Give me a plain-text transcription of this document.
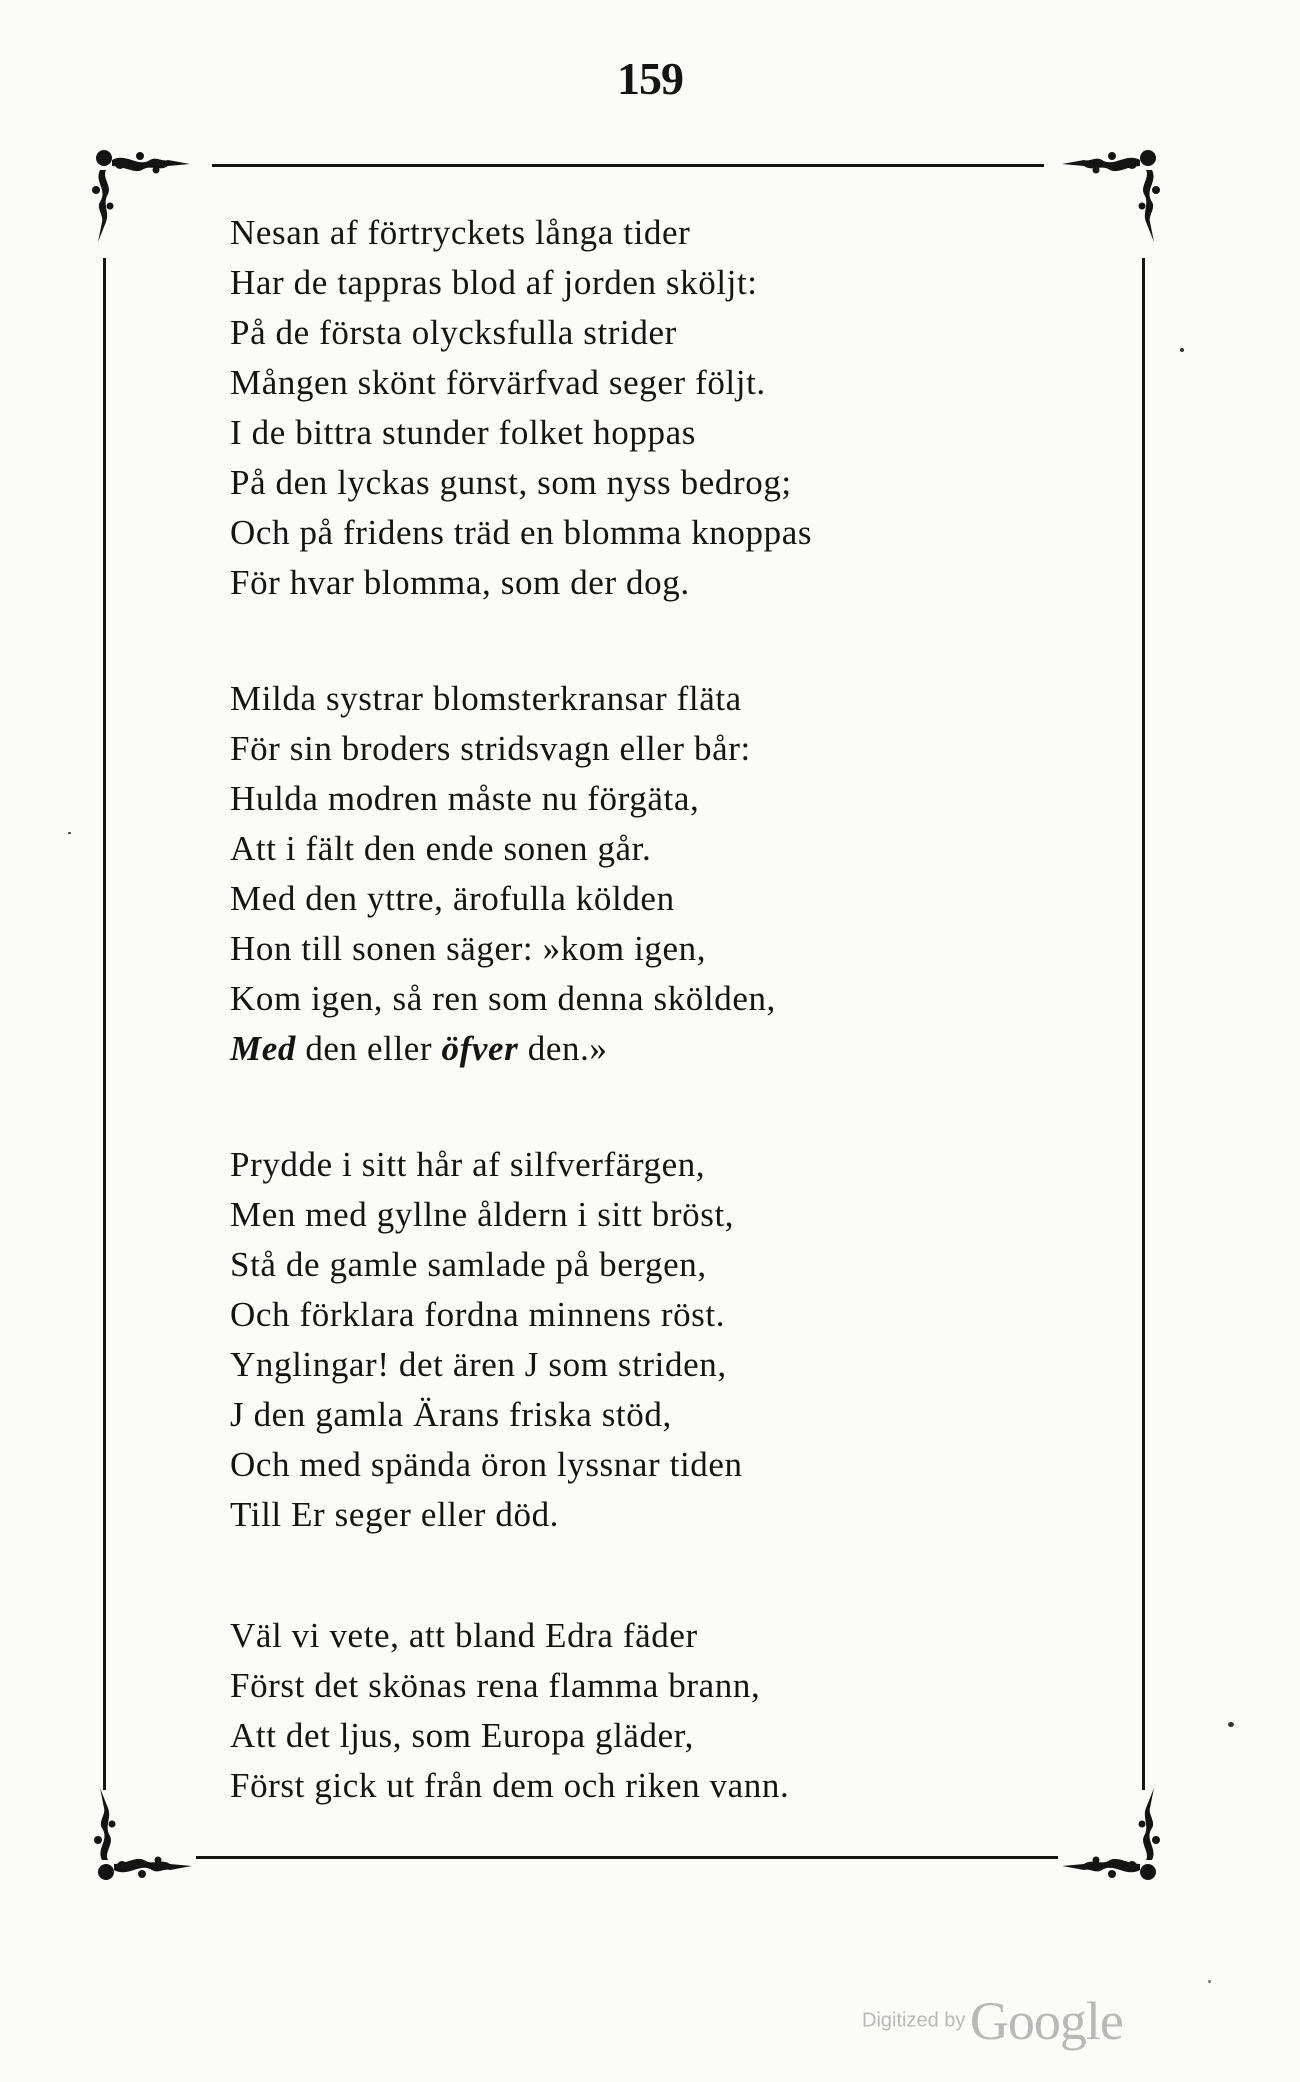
159
Nesan af förtryckets långa tider
Har de tappras blod af jorden sköljt:
På de första olycksfulla strider
Mången skönt förvärfvad seger följt.
I de bittra stunder folket hoppas
På den lyckas gunst, som nyss bedrog;
Och på fridens träd en blomma knoppas
För hvar blomma, som der dog.
Milda systrar blomsterkransar fläta
För sin broders stridsvagn eller bår:
Hulda modren måste nu förgäta,
Att i fält den ende sonen går.
Med den yttre, ärofulla kölden
Hon till sonen säger: »kom igen,
Kom igen, så ren som denna skölden,
Med den eller öfver den.»
Prydde i sitt hår af silfverfärgen,
Men med gyllne åldern i sitt bröst,
Stå de gamle samlade på bergen,
Och förklara fordna minnens röst.
Ynglingar! det ären J som striden,
J den gamla Ärans friska stöd,
Och med spända öron lyssnar tiden
Till Er seger eller död.
Väl vi vete, att bland Edra fäder
Först det skönas rena flamma brann,
Att det ljus, som Europa gläder,
Först gick ut från dem och riken vann.
Digitized by Google
